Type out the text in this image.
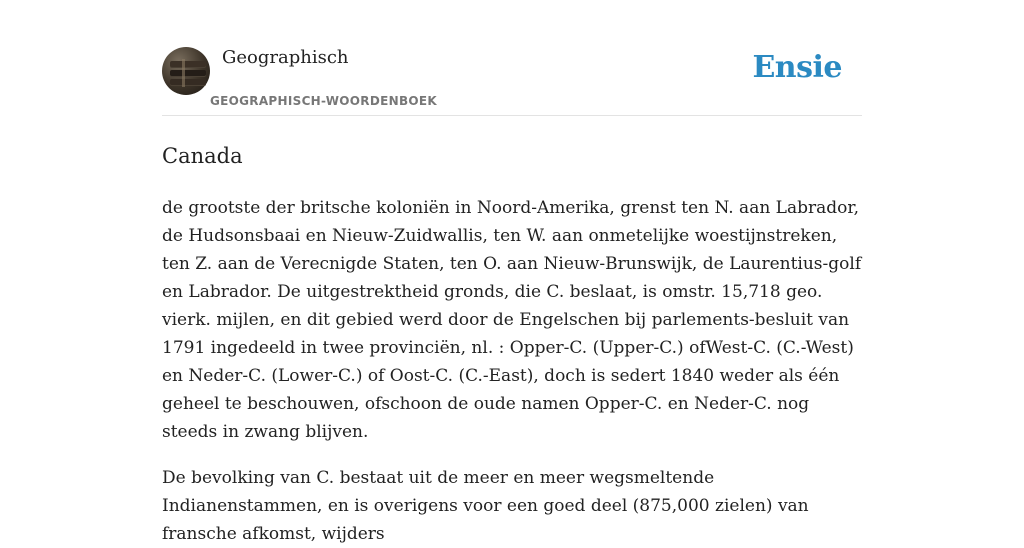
Geographisch
GEOGRAPHISCH-WOORDENBOEK
Ensie
Canada

de grootste der britsche koloniën in Noord-Amerika, grenst ten N. aan Labrador, de Hudsonsbaai en Nieuw-Zuidwallis, ten W. aan onmetelijke woestijnstreken, ten Z. aan de Verecnigde Staten, ten O. aan Nieuw-Brunswijk, de Laurentius-golf en Labrador. De uitgestrektheid gronds, die C. beslaat, is omstr. 15,718 geo. vierk. mijlen, en dit gebied werd door de Engelschen bij parlements-besluit van 1791 ingedeeld in twee provinciën, nl. : Opper-C. (Upper-C.) ofWest-C. (C.-West) en Neder-C. (Lower-C.) of Oost-C. (C.-East), doch is sedert 1840 weder als één geheel te beschouwen, ofschoon de oude namen Opper-C. en Neder-C. nog steeds in zwang blijven.

De bevolking van C. bestaat uit de meer en meer wegsmeltende Indianenstammen, en is overigens voor een goed deel (875,000 zielen) van fransche afkomst, wijders
